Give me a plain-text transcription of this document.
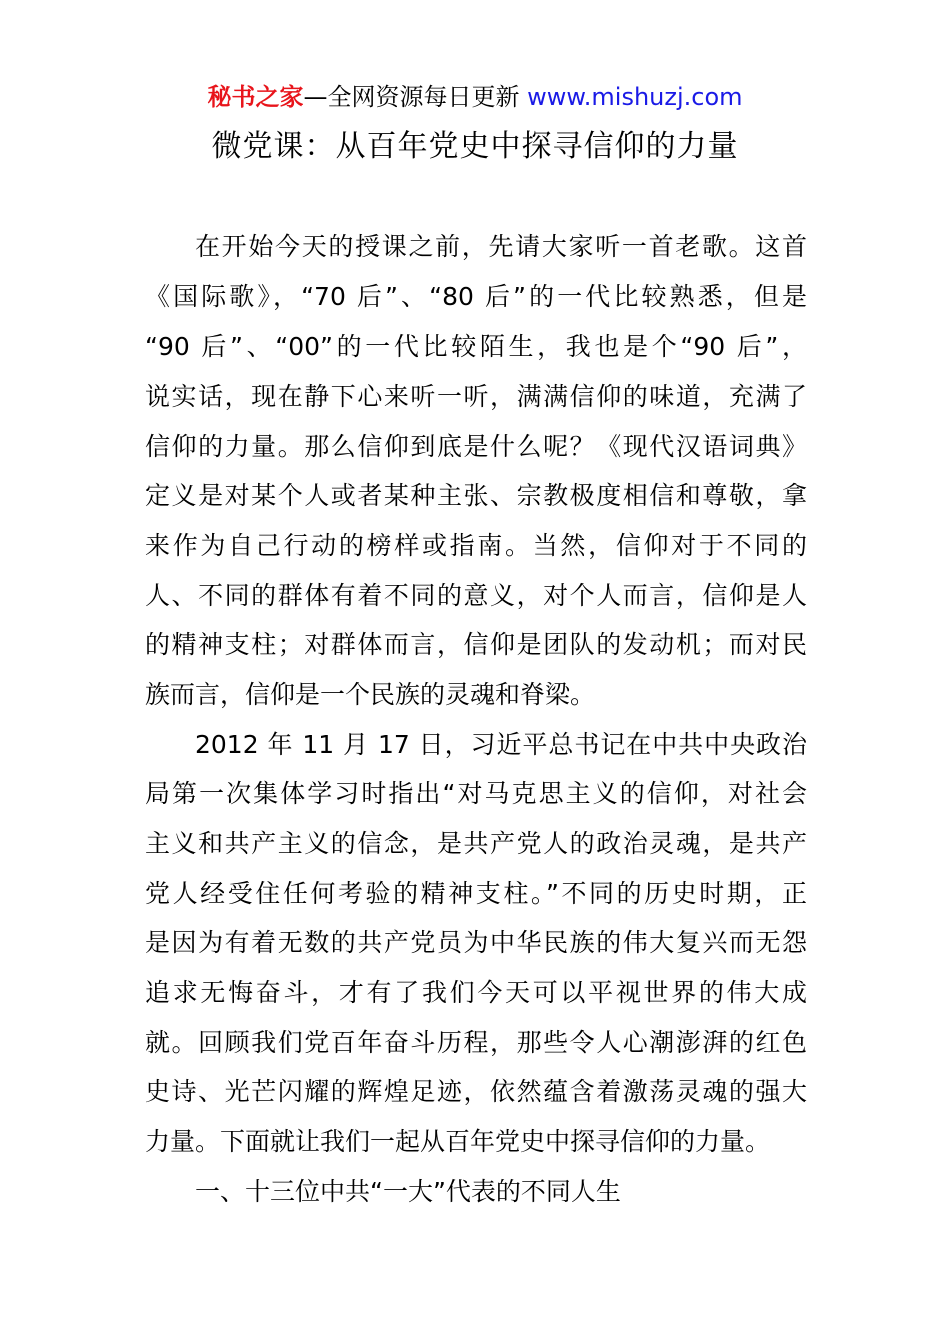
秘书之家—全网资源每日更新 www.mishuzj.com
微党课：从百年党史中探寻信仰的力量
在开始今天的授课之前，先请大家听一首老歌。这首
《国际歌》，“70 后”、“80 后”的一代比较熟悉，但是
“90 后”、“00”的一代比较陌生，我也是个“90 后”，
说实话，现在静下心来听一听，满满信仰的味道，充满了
信仰的力量。那么信仰到底是什么呢？《现代汉语词典》
定义是对某个人或者某种主张、宗教极度相信和尊敬，拿
来作为自己行动的榜样或指南。当然，信仰对于不同的
人、不同的群体有着不同的意义，对个人而言，信仰是人
的精神支柱；对群体而言，信仰是团队的发动机；而对民
族而言，信仰是一个民族的灵魂和脊梁。
2012 年 11 月 17 日，习近平总书记在中共中央政治
局第一次集体学习时指出“对马克思主义的信仰，对社会
主义和共产主义的信念，是共产党人的政治灵魂，是共产
党人经受住任何考验的精神支柱。”不同的历史时期，正
是因为有着无数的共产党员为中华民族的伟大复兴而无怨
追求无悔奋斗，才有了我们今天可以平视世界的伟大成
就。回顾我们党百年奋斗历程，那些令人心潮澎湃的红色
史诗、光芒闪耀的辉煌足迹，依然蕴含着激荡灵魂的强大
力量。下面就让我们一起从百年党史中探寻信仰的力量。
一、十三位中共“一大”代表的不同人生
